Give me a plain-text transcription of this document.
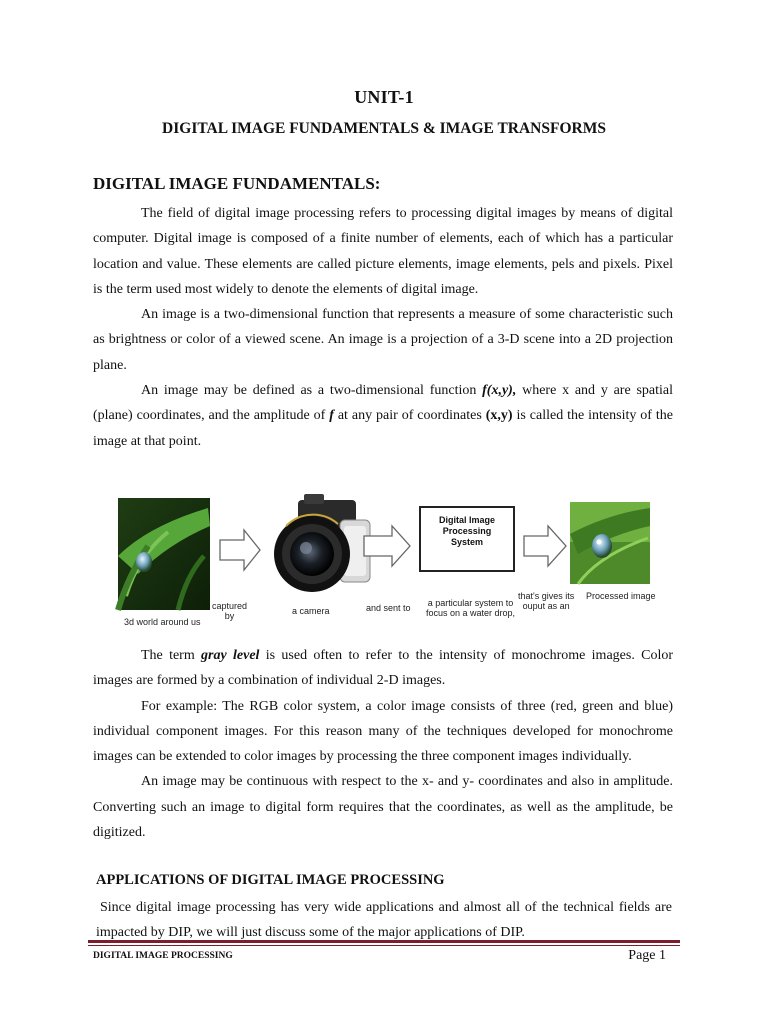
UNIT-1
DIGITAL IMAGE FUNDAMENTALS & IMAGE TRANSFORMS
DIGITAL IMAGE FUNDAMENTALS:

The field of digital image processing refers to processing digital images by means of digital computer. Digital image is composed of a finite number of elements, each of which has a particular location and value. These elements are called picture elements, image elements, pels and pixels. Pixel is the term used most widely to denote the elements of digital image.

An image is a two-dimensional function that represents a measure of some characteristic such as brightness or color of a viewed scene. An image is a projection of a 3-D scene into a 2D projection plane.

An image may be defined as a two-dimensional function f(x,y), where x and y are spatial (plane) coordinates, and the amplitude of f at any pair of coordinates (x,y) is called the intensity of the image at that point.

Digital Image Processing
System
3d world around us
captured
by	a camera	and sent to a particular system to
focus on a water drop,
that's gives its
ouput as an
Processed image

The term gray level is used often to refer to the intensity of monochrome images. Color images are formed by a combination of individual 2-D images.

For example: The RGB color system, a color image consists of three (red, green and blue) individual component images. For this reason many of the techniques developed for monochrome images can be extended to color images by processing the three component images individually.

An image may be continuous with respect to the x- and y- coordinates and also in amplitude. Converting such an image to digital form requires that the coordinates, as well as the amplitude, be digitized.

APPLICATIONS OF DIGITAL IMAGE PROCESSING

Since digital image processing has very wide applications and almost all of the technical fields are impacted by DIP, we will just discuss some of the major applications of DIP.

DIGITAL IMAGE PROCESSING	Page 1
